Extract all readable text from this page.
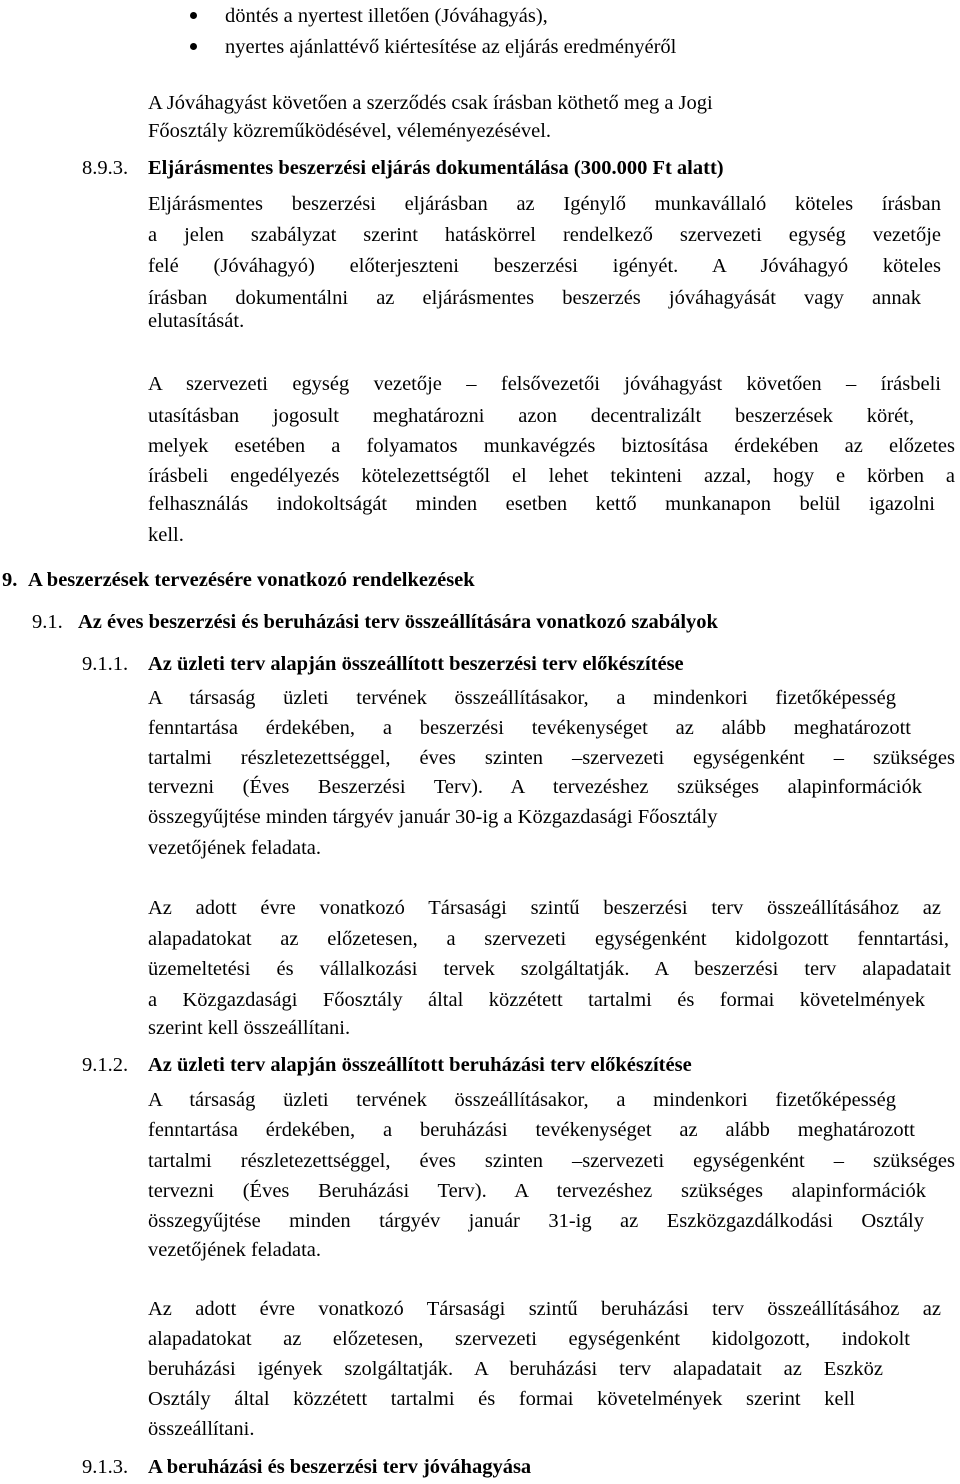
döntés a nyertest illetően (Jóváhagyás),
nyertes ajánlattévő kiértesítése az eljárás eredményéről
A Jóváhagyást követően a szerződés csak írásban köthető meg a Jogi
Főosztály közreműködésével, véleményezésével.
8.9.3. Eljárásmentes beszerzési eljárás dokumentálása (300.000 Ft alatt)
Eljárásmentes beszerzési eljárásban az Igénylő munkavállaló köteles írásban
a jelen szabályzat szerint hatáskörrel rendelkező szervezeti egység vezetője
felé (Jóváhagyó) előterjeszteni beszerzési igényét. A Jóváhagyó köteles
írásban dokumentálni az eljárásmentes beszerzés jóváhagyását vagy annak
elutasítását.
A szervezeti egység vezetője – felsővezetői jóváhagyást követően – írásbeli
utasításban jogosult meghatározni azon decentralizált beszerzések körét,
melyek esetében a folyamatos munkavégzés biztosítása érdekében az előzetes
írásbeli engedélyezés kötelezettségtől el lehet tekinteni azzal, hogy e körben a
felhasználás indokoltságát minden esetben kettő munkanapon belül igazolni
kell.
9. A beszerzések tervezésére vonatkozó rendelkezések
9.1. Az éves beszerzési és beruházási terv összeállítására vonatkozó szabályok
9.1.1. Az üzleti terv alapján összeállított beszerzési terv előkészítése
A társaság üzleti tervének összeállításakor, a mindenkori fizetőképesség
fenntartása érdekében, a beszerzési tevékenységet az alább meghatározott
tartalmi részletezettséggel, éves szinten –szervezeti egységenként – szükséges
tervezni (Éves Beszerzési Terv). A tervezéshez szükséges alapinformációk
összegyűjtése minden tárgyév január 30-ig a Közgazdasági Főosztály
vezetőjének feladata.
Az adott évre vonatkozó Társasági szintű beszerzési terv összeállításához az
alapadatokat az előzetesen, a szervezeti egységenként kidolgozott fenntartási,
üzemeltetési és vállalkozási tervek szolgáltatják. A beszerzési terv alapadatait
a Közgazdasági Főosztály által közzétett tartalmi és formai követelmények
szerint kell összeállítani.
9.1.2. Az üzleti terv alapján összeállított beruházási terv előkészítése
A társaság üzleti tervének összeállításakor, a mindenkori fizetőképesség
fenntartása érdekében, a beruházási tevékenységet az alább meghatározott
tartalmi részletezettséggel, éves szinten –szervezeti egységenként – szükséges
tervezni (Éves Beruházási Terv). A tervezéshez szükséges alapinformációk
összegyűjtése minden tárgyév január 31-ig az Eszközgazdálkodási Osztály
vezetőjének feladata.
Az adott évre vonatkozó Társasági szintű beruházási terv összeállításához az
alapadatokat az előzetesen, szervezeti egységenként kidolgozott, indokolt
beruházási igények szolgáltatják. A beruházási terv alapadatait az Eszköz
Osztály által közzétett tartalmi és formai követelmények szerint kell
összeállítani.
9.1.3. A beruházási és beszerzési terv jóváhagyása
